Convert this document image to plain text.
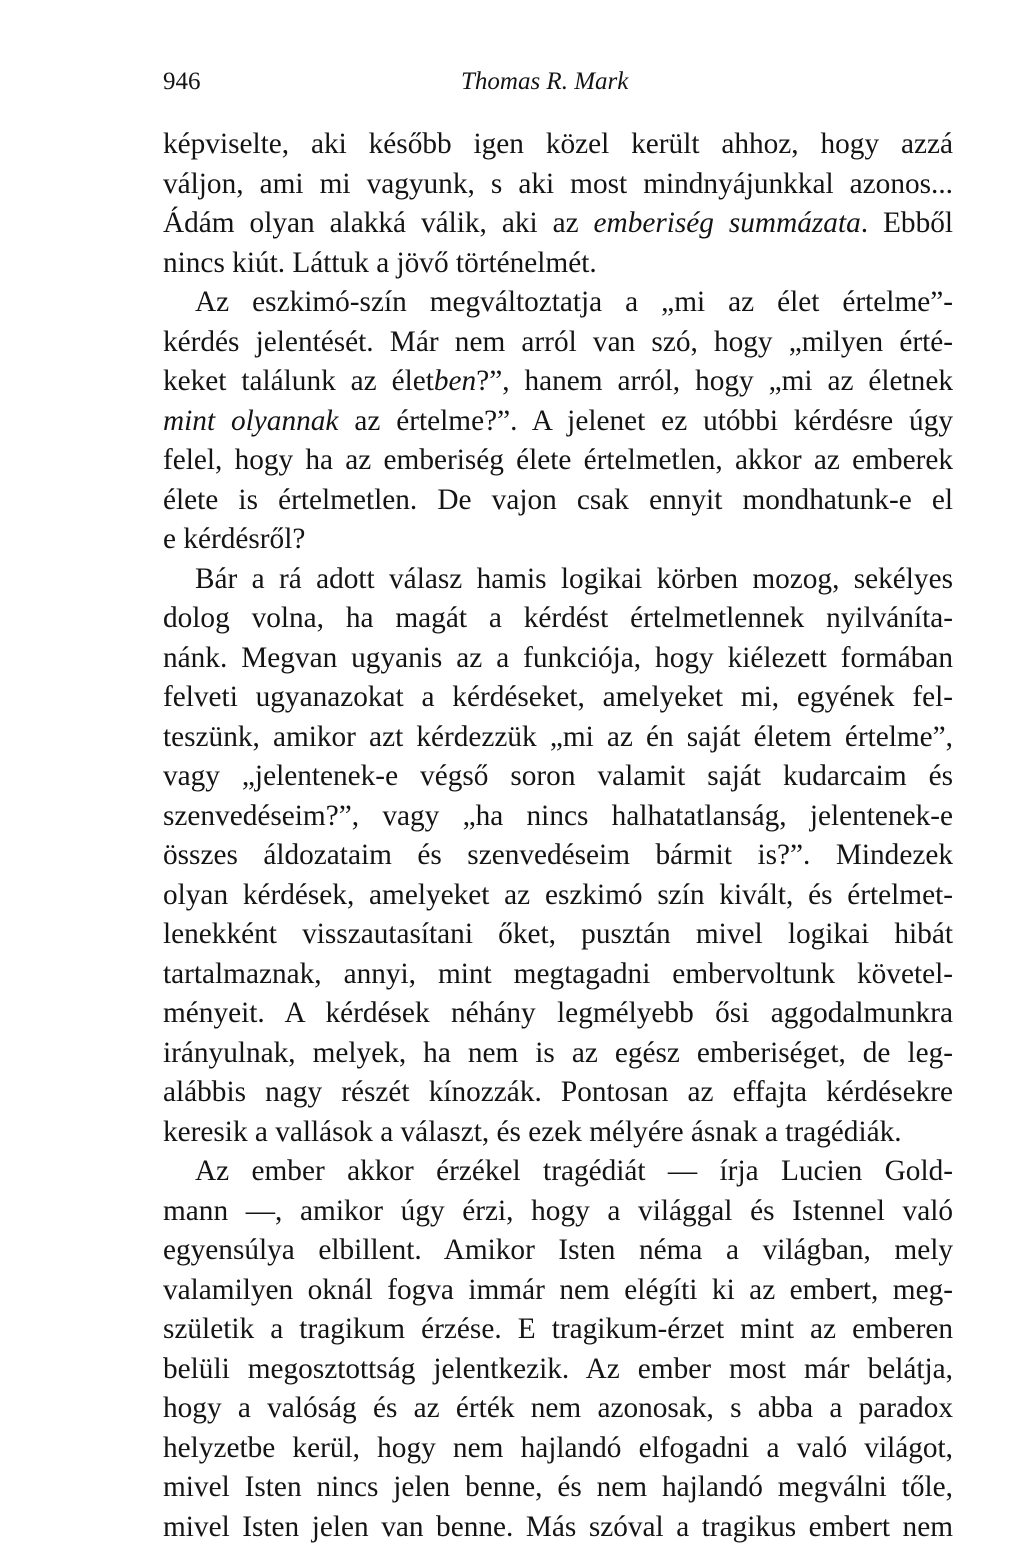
946	Thomas R. Mark
képviselte, aki később igen közel került ahhoz, hogy azzá
váljon, ami mi vagyunk, s aki most mindnyájunkkal azonos...
Ádám olyan alakká válik, aki az emberiség summázata. Ebből
nincs kiút. Láttuk a jövő történelmét.
Az eszkimó-szín megváltoztatja a „mi az élet értelme”-
kérdés jelentését. Már nem arról van szó, hogy „milyen érté-
keket találunk az életben?”, hanem arról, hogy „mi az életnek
mint olyannak az értelme?”. A jelenet ez utóbbi kérdésre úgy
felel, hogy ha az emberiség élete értelmetlen, akkor az emberek
élete is értelmetlen. De vajon csak ennyit mondhatunk-e el
e kérdésről?
Bár a rá adott válasz hamis logikai körben mozog, sekélyes
dolog volna, ha magát a kérdést értelmetlennek nyilvánítа-
nánk. Megvan ugyanis az a funkciója, hogy kiélezett formában
felveti ugyanazokat a kérdéseket, amelyeket mi, egyének fel-
teszünk, amikor azt kérdezzük „mi az én saját életem értelme”,
vagy „jelentenek-e végső soron valamit saját kudarcaim és
szenvedéseim?”, vagy „ha nincs halhatatlanság, jelentenek-e
összes áldozataim és szenvedéseim bármit is?”. Mindezek
olyan kérdések, amelyeket az eszkimó szín kivált, és értelmet-
lenekként visszautasítani őket, pusztán mivel logikai hibát
tartalmaznak, annyi, mint megtagadni embervoltunk követel-
ményeit. A kérdések néhány legmélyebb ősi aggodalmunkra
irányulnak, melyek, ha nem is az egész emberiséget, de leg-
alábbis nagy részét kínozzák. Pontosan az effajta kérdésekre
keresik a vallások a választ, és ezek mélyére ásnak a tragédiák.
Az ember akkor érzékel tragédiát — írja Lucien Gold-
mann —, amikor úgy érzi, hogy a világgal és Istennel való
egyensúlya elbillent. Amikor Isten néma a világban, mely
valamilyen oknál fogva immár nem elégíti ki az embert, meg-
születik a tragikum érzése. E tragikum-érzet mint az emberen
belüli megosztottság jelentkezik. Az ember most már belátja,
hogy a valóság és az érték nem azonosak, s abba a paradox
helyzetbe kerül, hogy nem hajlandó elfogadni a való világot,
mivel Isten nincs jelen benne, és nem hajlandó megválni tőle,
mivel Isten jelen van benne. Más szóval a tragikus embert nem
